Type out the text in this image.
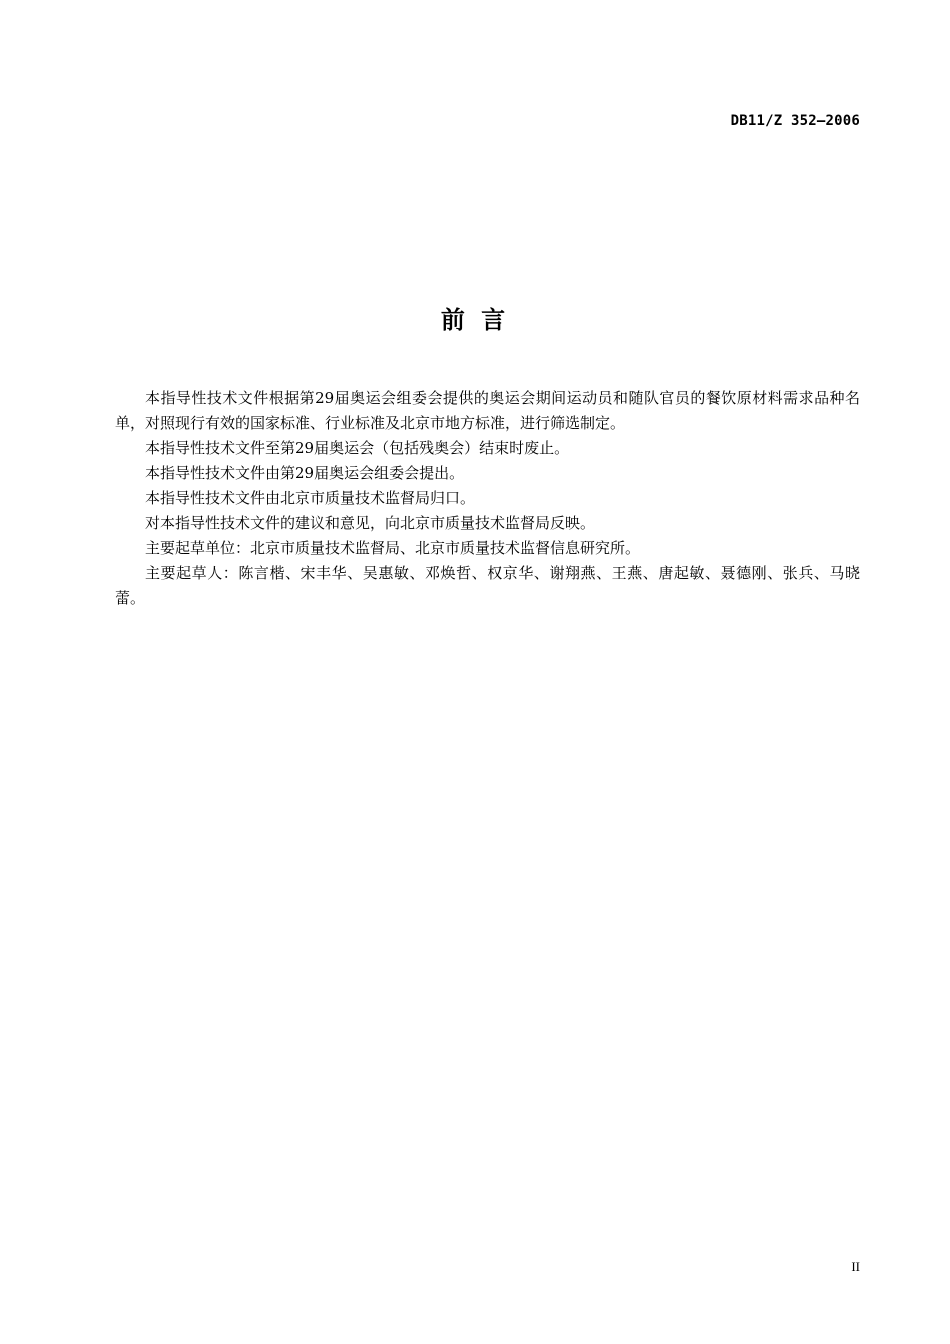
DB11/Z 352—2006
前 言

本指导性技术文件根据第29届奥运会组委会提供的奥运会期间运动员和随队官员的餐饮原材料需求品种名单，对照现行有效的国家标准、行业标准及北京市地方标准，进行筛选制定。

本指导性技术文件至第29届奥运会（包括残奥会）结束时废止。

本指导性技术文件由第29届奥运会组委会提出。

本指导性技术文件由北京市质量技术监督局归口。

对本指导性技术文件的建议和意见，向北京市质量技术监督局反映。

主要起草单位：北京市质量技术监督局、北京市质量技术监督信息研究所。

主要起草人：陈言楷、宋丰华、吴惠敏、邓焕哲、权京华、谢翔燕、王燕、唐起敏、聂德刚、张兵、马晓蕾。

II
